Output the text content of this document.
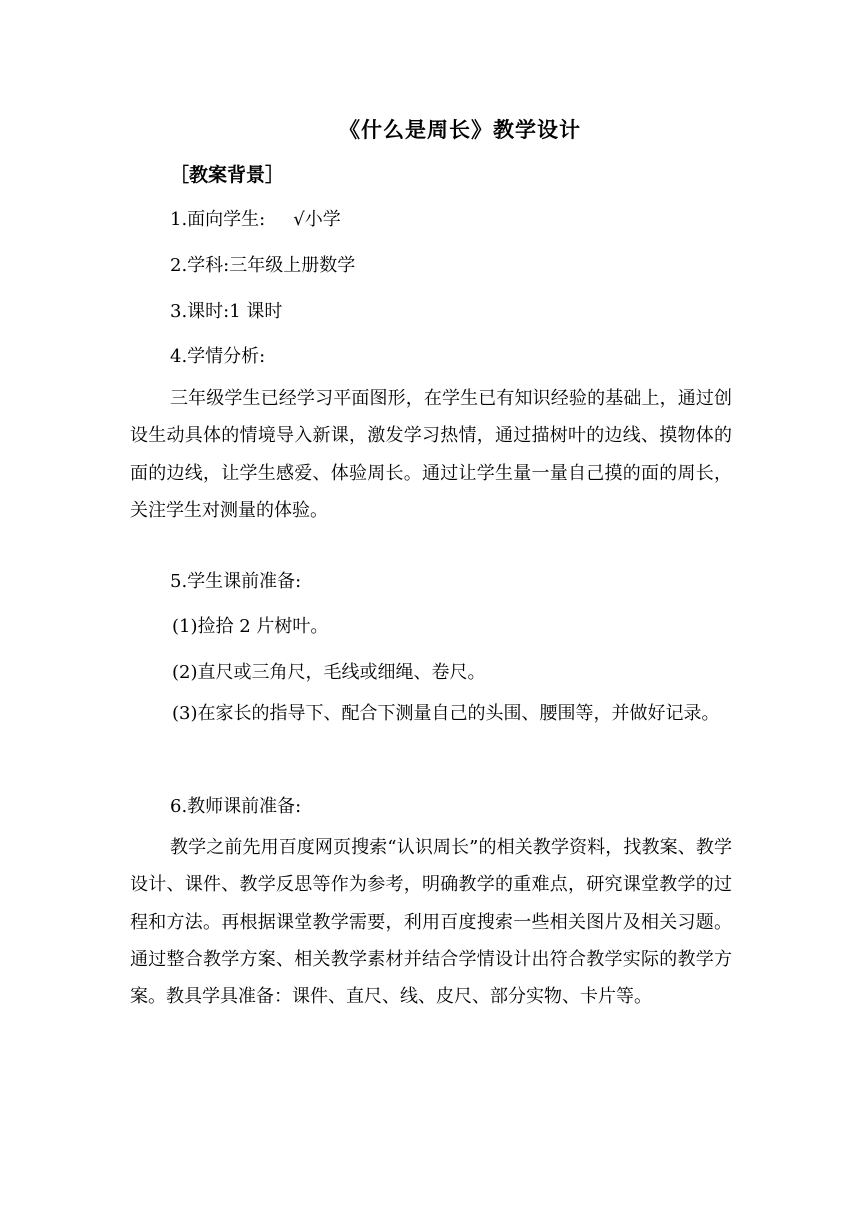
《什么是周长》教学设计
［教案背景］
1.面向学生: √小学
2.学科:三年级上册数学
3.课时:1 课时
4.学情分析:

三年级学生已经学习平面图形，在学生已有知识经验的基础上，通过创设生动具体的情境导入新课，激发学习热情，通过描树叶的边线、摸物体的面的边线，让学生感爱、体验周长。通过让学生量一量自己摸的面的周长，关注学生对测量的体验。

5.学生课前准备:
(1)捡拾 2 片树叶。
(2)直尺或三角尺，毛线或细绳、卷尺。

(3)在家长的指导下、配合下测量自己的头围、腰围等，并做好记录。

6.教师课前准备:

教学之前先用百度网页搜索“认识周长”的相关教学资料，找教案、教学设计、课件、教学反思等作为参考，明确教学的重难点，研究课堂教学的过程和方法。再根据课堂教学需要，利用百度搜索一些相关图片及相关习题。通过整合教学方案、相关教学素材并结合学情设计出符合教学实际的教学方案。教具学具准备：课件、直尺、线、皮尺、部分实物、卡片等。
